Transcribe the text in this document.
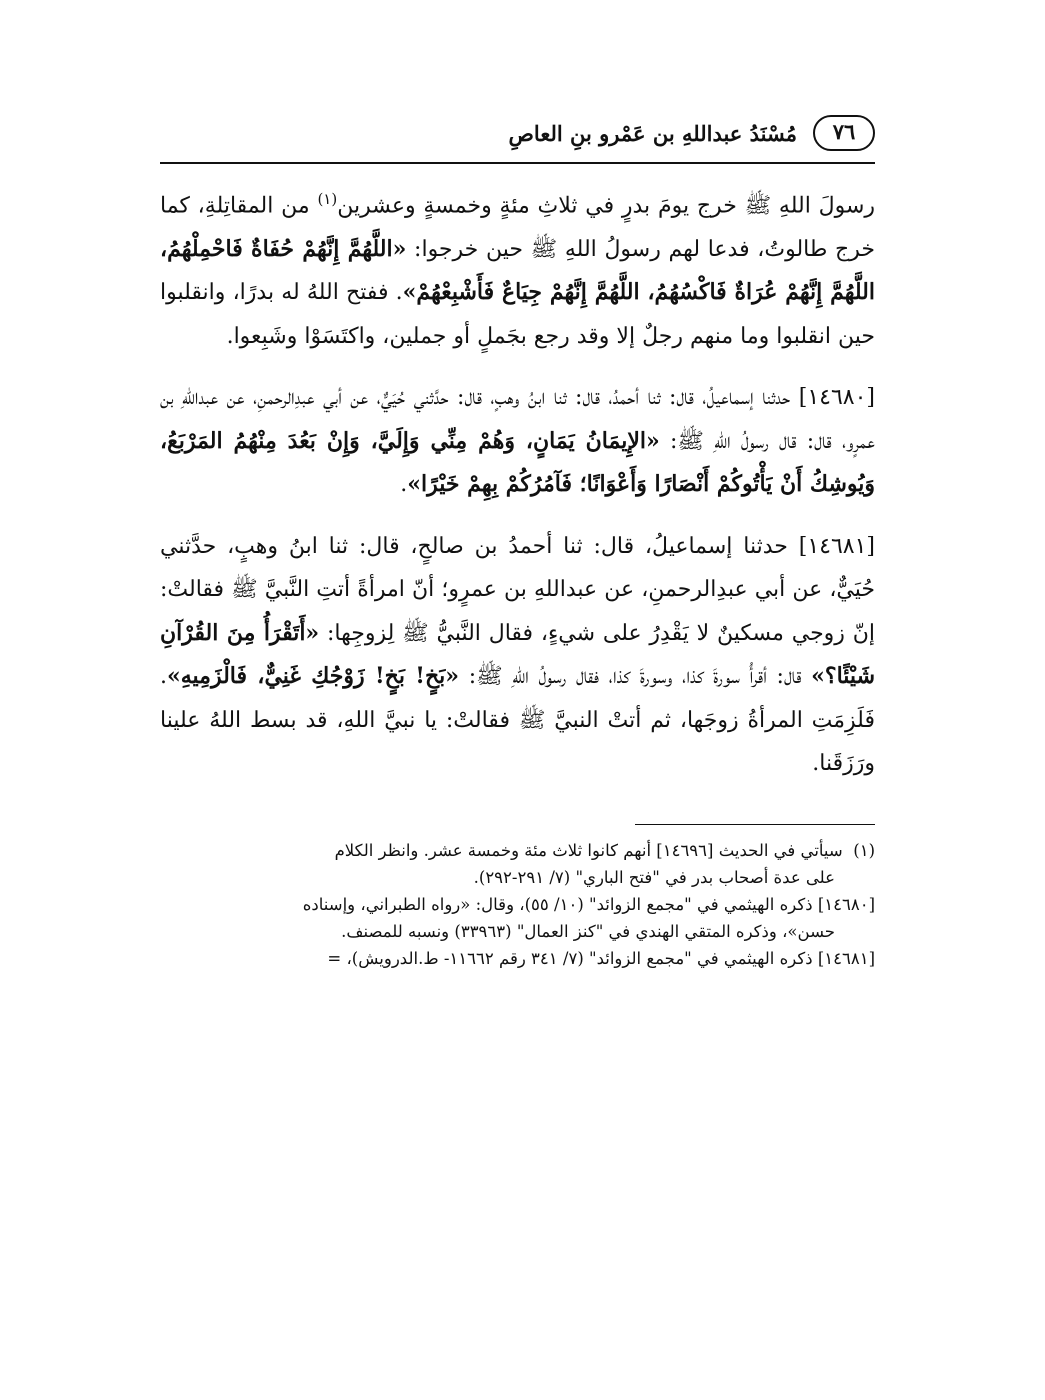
٧٦
مُسْنَدُ عبداللهِ بن عَمْرو بنِ العاصِ

رسولَ اللهِ ﷺ خرج يومَ بدرٍ في ثلاثِ مئةٍ وخمسةٍ وعشرين$^{(١)}$ من المقاتِلةِ، كما خرج طالوتُ، فدعا لهم رسولُ اللهِ ﷺ حين خرجوا: «اللَّهُمَّ إِنَّهُمْ حُفَاةٌ فَاحْمِلْهُمُ، اللَّهُمَّ إِنَّهُمْ عُرَاةٌ فَاكْسُهُمُ، اللَّهُمَّ إِنَّهُمْ جِيَاعٌ فَأَشْبِعْهُمْ». ففتح اللهُ له بدرًا، وانقلبوا حين انقلبوا وما منهم رجلٌ إلا وقد رجع بجَملٍ أو جملين، واكتَسَوْا وشَبِعوا.

[١٤٦٨٠] حدثنا إسماعيلُ، قال: ثنا أحمدُ، قال: ثنا ابنُ وهبٍ، قال: حدَّثني حُيَيٌّ، عن أبي عبدِالرحمنِ، عن عبداللهِ بن عمرٍو، قال: قال رسولُ اللهِ ﷺ: «الإِيمَانُ يَمَانٍ، وَهُمْ مِنِّي وَإِلَيَّ، وَإِنْ بَعُدَ مِنْهُمُ المَرْبَعُ، وَيُوشِكُ أَنْ يَأْتُوكُمْ أَنْصَارًا وَأَعْوَانًا؛ فَآمُرُكُمْ بِهِمْ خَيْرًا».

[١٤٦٨١] حدثنا إسماعيلُ، قال: ثنا أحمدُ بن صالحٍ، قال: ثنا ابنُ وهبٍ، حدَّثني حُيَيٌّ، عن أبي عبدِالرحمنِ، عن عبداللهِ بن عمرٍو؛ أنّ امرأةً أتتِ النَّبيَّ ﷺ فقالتْ: إنّ زوجي مسكينٌ لا يَقْدِرُ على شيءٍ، فقال النَّبيُّ ﷺ لِزوجِها: «أَتَقْرَأُ مِنَ القُرْآنِ شَيْئًا؟» قال: أقرأُ سورةَ كذا، وسورةَ كذا، فقال رسولُ اللهِ ﷺ: «بَخٍ! بَخٍ! زَوْجُكِ غَنِيٌّ، فَالْزَمِيهِ». فَلَزِمَتِ المرأةُ زوجَها، ثم أتتْ النبيَّ ﷺ فقالتْ: يا نبيَّ اللهِ، قد بسط اللهُ علينا ورَزَقَنا.

(١)  سيأتي في الحديث [١٤٦٩٦] أنهم كانوا ثلاث مئة وخمسة عشر. وانظر الكلام
على عدة أصحاب بدر في "فتح الباري" (٧/ ٢٩١-٢٩٢).

[١٤٦٨٠] ذكره الهيثمي في "مجمع الزوائد" (١٠/ ٥٥)، وقال: «رواه الطبراني، وإسناده
حسن»، وذكره المتقي الهندي في "كنز العمال" (٣٣٩٦٣) ونسبه للمصنف.

[١٤٦٨١] ذكره الهيثمي في "مجمع الزوائد" (٧/ ٣٤١ رقم ١١٦٦٢- ط.الدرويش)، =
